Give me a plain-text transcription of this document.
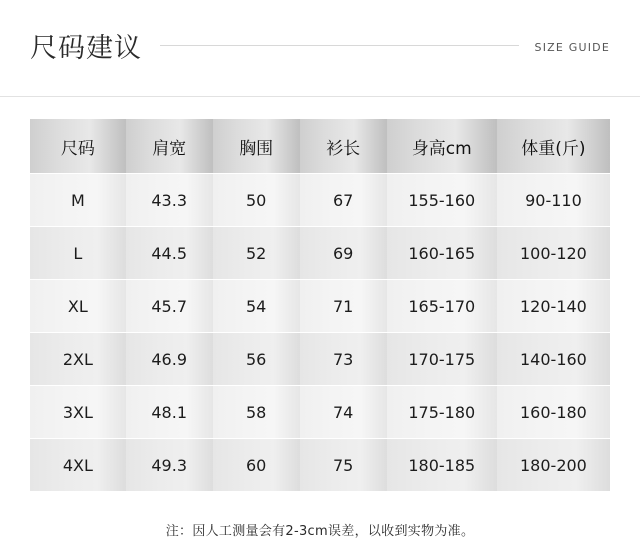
尺码建议	SIZE GUIDE
尺码	肩宽	胸围	衫长	身高cm	体重(斤)
M	43.3	50	67	155-160	90-110
L	44.5	52	69	160-165	100-120
XL	45.7	54	71	165-170	120-140
2XL	46.9	56	73	170-175	140-160
3XL	48.1	58	74	175-180	160-180
4XL	49.3	60	75	180-185	180-200
注：因人工测量会有2-3cm误差，以收到实物为准。
